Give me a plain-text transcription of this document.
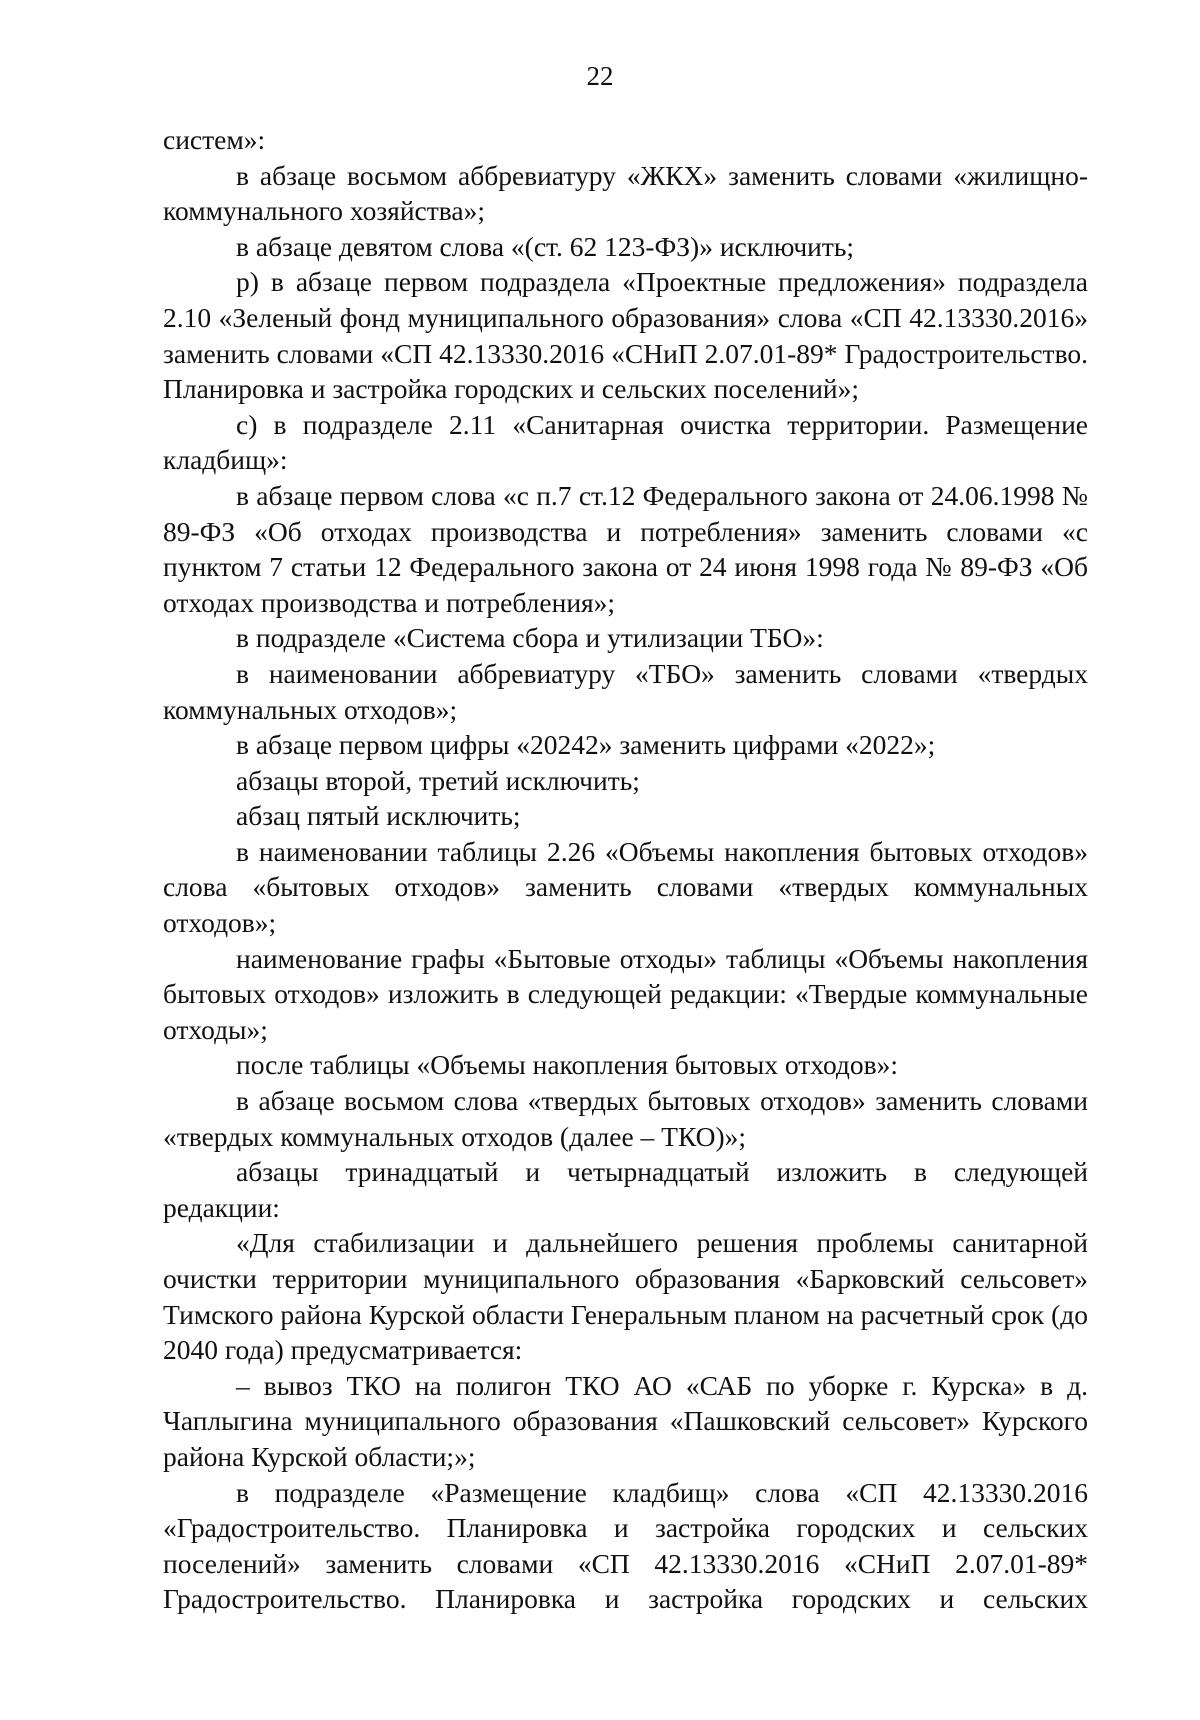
22

систем»:

в абзаце восьмом аббревиатуру «ЖКХ» заменить словами «жилищно-коммунального хозяйства»;

в абзаце девятом слова «(ст. 62 123-ФЗ)» исключить;

р) в абзаце первом подраздела «Проектные предложения» подраздела 2.10 «Зеленый фонд муниципального образования» слова «СП 42.13330.2016» заменить словами «СП 42.13330.2016 «СНиП 2.07.01-89* Градостроительство. Планировка и застройка городских и сельских поселений»;

с) в подразделе 2.11 «Санитарная очистка территории. Размещение кладбищ»:

в абзаце первом слова «с п.7 ст.12 Федерального закона от 24.06.1998 № 89-ФЗ «Об отходах производства и потребления» заменить словами «с пунктом 7 статьи 12 Федерального закона от 24 июня 1998 года № 89-ФЗ «Об отходах производства и потребления»;

в подразделе «Система сбора и утилизации ТБО»:

в наименовании аббревиатуру «ТБО» заменить словами «твердых коммунальных отходов»;

в абзаце первом цифры «20242» заменить цифрами «2022»;

абзацы второй, третий исключить;

абзац пятый исключить;

в наименовании таблицы 2.26 «Объемы накопления бытовых отходов» слова «бытовых отходов» заменить словами «твердых коммунальных отходов»;

наименование графы «Бытовые отходы» таблицы «Объемы накопления бытовых отходов» изложить в следующей редакции: «Твердые коммунальные отходы»;

после таблицы «Объемы накопления бытовых отходов»:

в абзаце восьмом слова «твердых бытовых отходов» заменить словами «твердых коммунальных отходов (далее – ТКО)»;

абзацы тринадцатый и четырнадцатый изложить в следующей редакции:

«Для стабилизации и дальнейшего решения проблемы санитарной очистки территории муниципального образования «Барковский сельсовет» Тимского района Курской области Генеральным планом на расчетный срок (до 2040 года) предусматривается:

– вывоз ТКО на полигон ТКО АО «САБ по уборке г. Курска» в д. Чаплыгина муниципального образования «Пашковский сельсовет» Курского района Курской области;»;

в подразделе «Размещение кладбищ» слова «СП 42.13330.2016 «Градостроительство. Планировка и застройка городских и сельских поселений» заменить словами «СП 42.13330.2016 «СНиП 2.07.01-89* Градостроительство. Планировка и застройка городских и сельских
